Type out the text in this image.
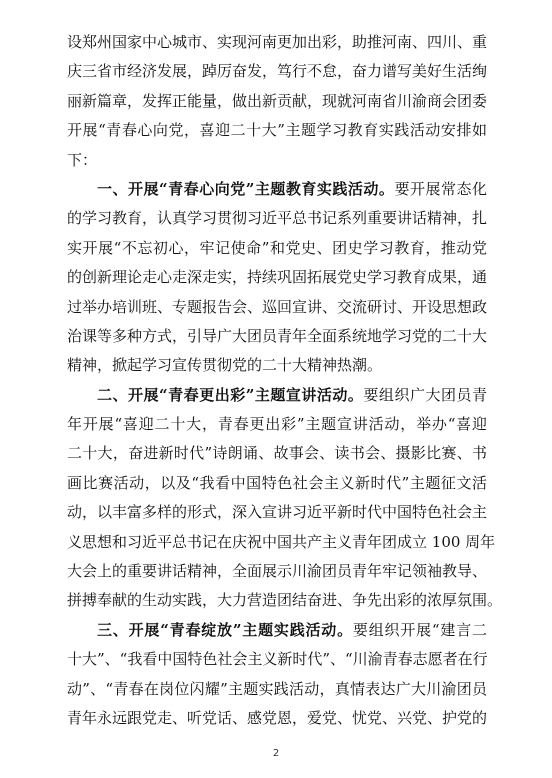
设郑州国家中心城市、实现河南更加出彩，助推河南、四川、重
庆三省市经济发展，踔厉奋发，笃行不怠，奋力谱写美好生活绚
丽新篇章，发挥正能量，做出新贡献，现就河南省川渝商会团委
开展“青春心向党，喜迎二十大”主题学习教育实践活动安排如
下：
一、开展“青春心向党”主题教育实践活动。要开展常态化
的学习教育，认真学习贯彻习近平总书记系列重要讲话精神，扎
实开展“不忘初心，牢记使命”和党史、团史学习教育，推动党
的创新理论走心走深走实，持续巩固拓展党史学习教育成果，通
过举办培训班、专题报告会、巡回宣讲、交流研讨、开设思想政
治课等多种方式，引导广大团员青年全面系统地学习党的二十大
精神，掀起学习宣传贯彻党的二十大精神热潮。
二、开展“青春更出彩”主题宣讲活动。要组织广大团员青
年开展“喜迎二十大，青春更出彩”主题宣讲活动，举办“喜迎
二十大，奋进新时代”诗朗诵、故事会、读书会、摄影比赛、书
画比赛活动，以及“我看中国特色社会主义新时代”主题征文活
动，以丰富多样的形式，深入宣讲习近平新时代中国特色社会主
义思想和习近平总书记在庆祝中国共产主义青年团成立 100 周年
大会上的重要讲话精神，全面展示川渝团员青年牢记领袖教导、
拼搏奉献的生动实践，大力营造团结奋进、争先出彩的浓厚氛围。
三、开展“青春绽放”主题实践活动。要组织开展“建言二
十大”、“我看中国特色社会主义新时代”、“川渝青春志愿者在行
动”、“青春在岗位闪耀”主题实践活动，真情表达广大川渝团员
青年永远跟党走、听党话、感党恩，爱党、忧党、兴党、护党的
2
